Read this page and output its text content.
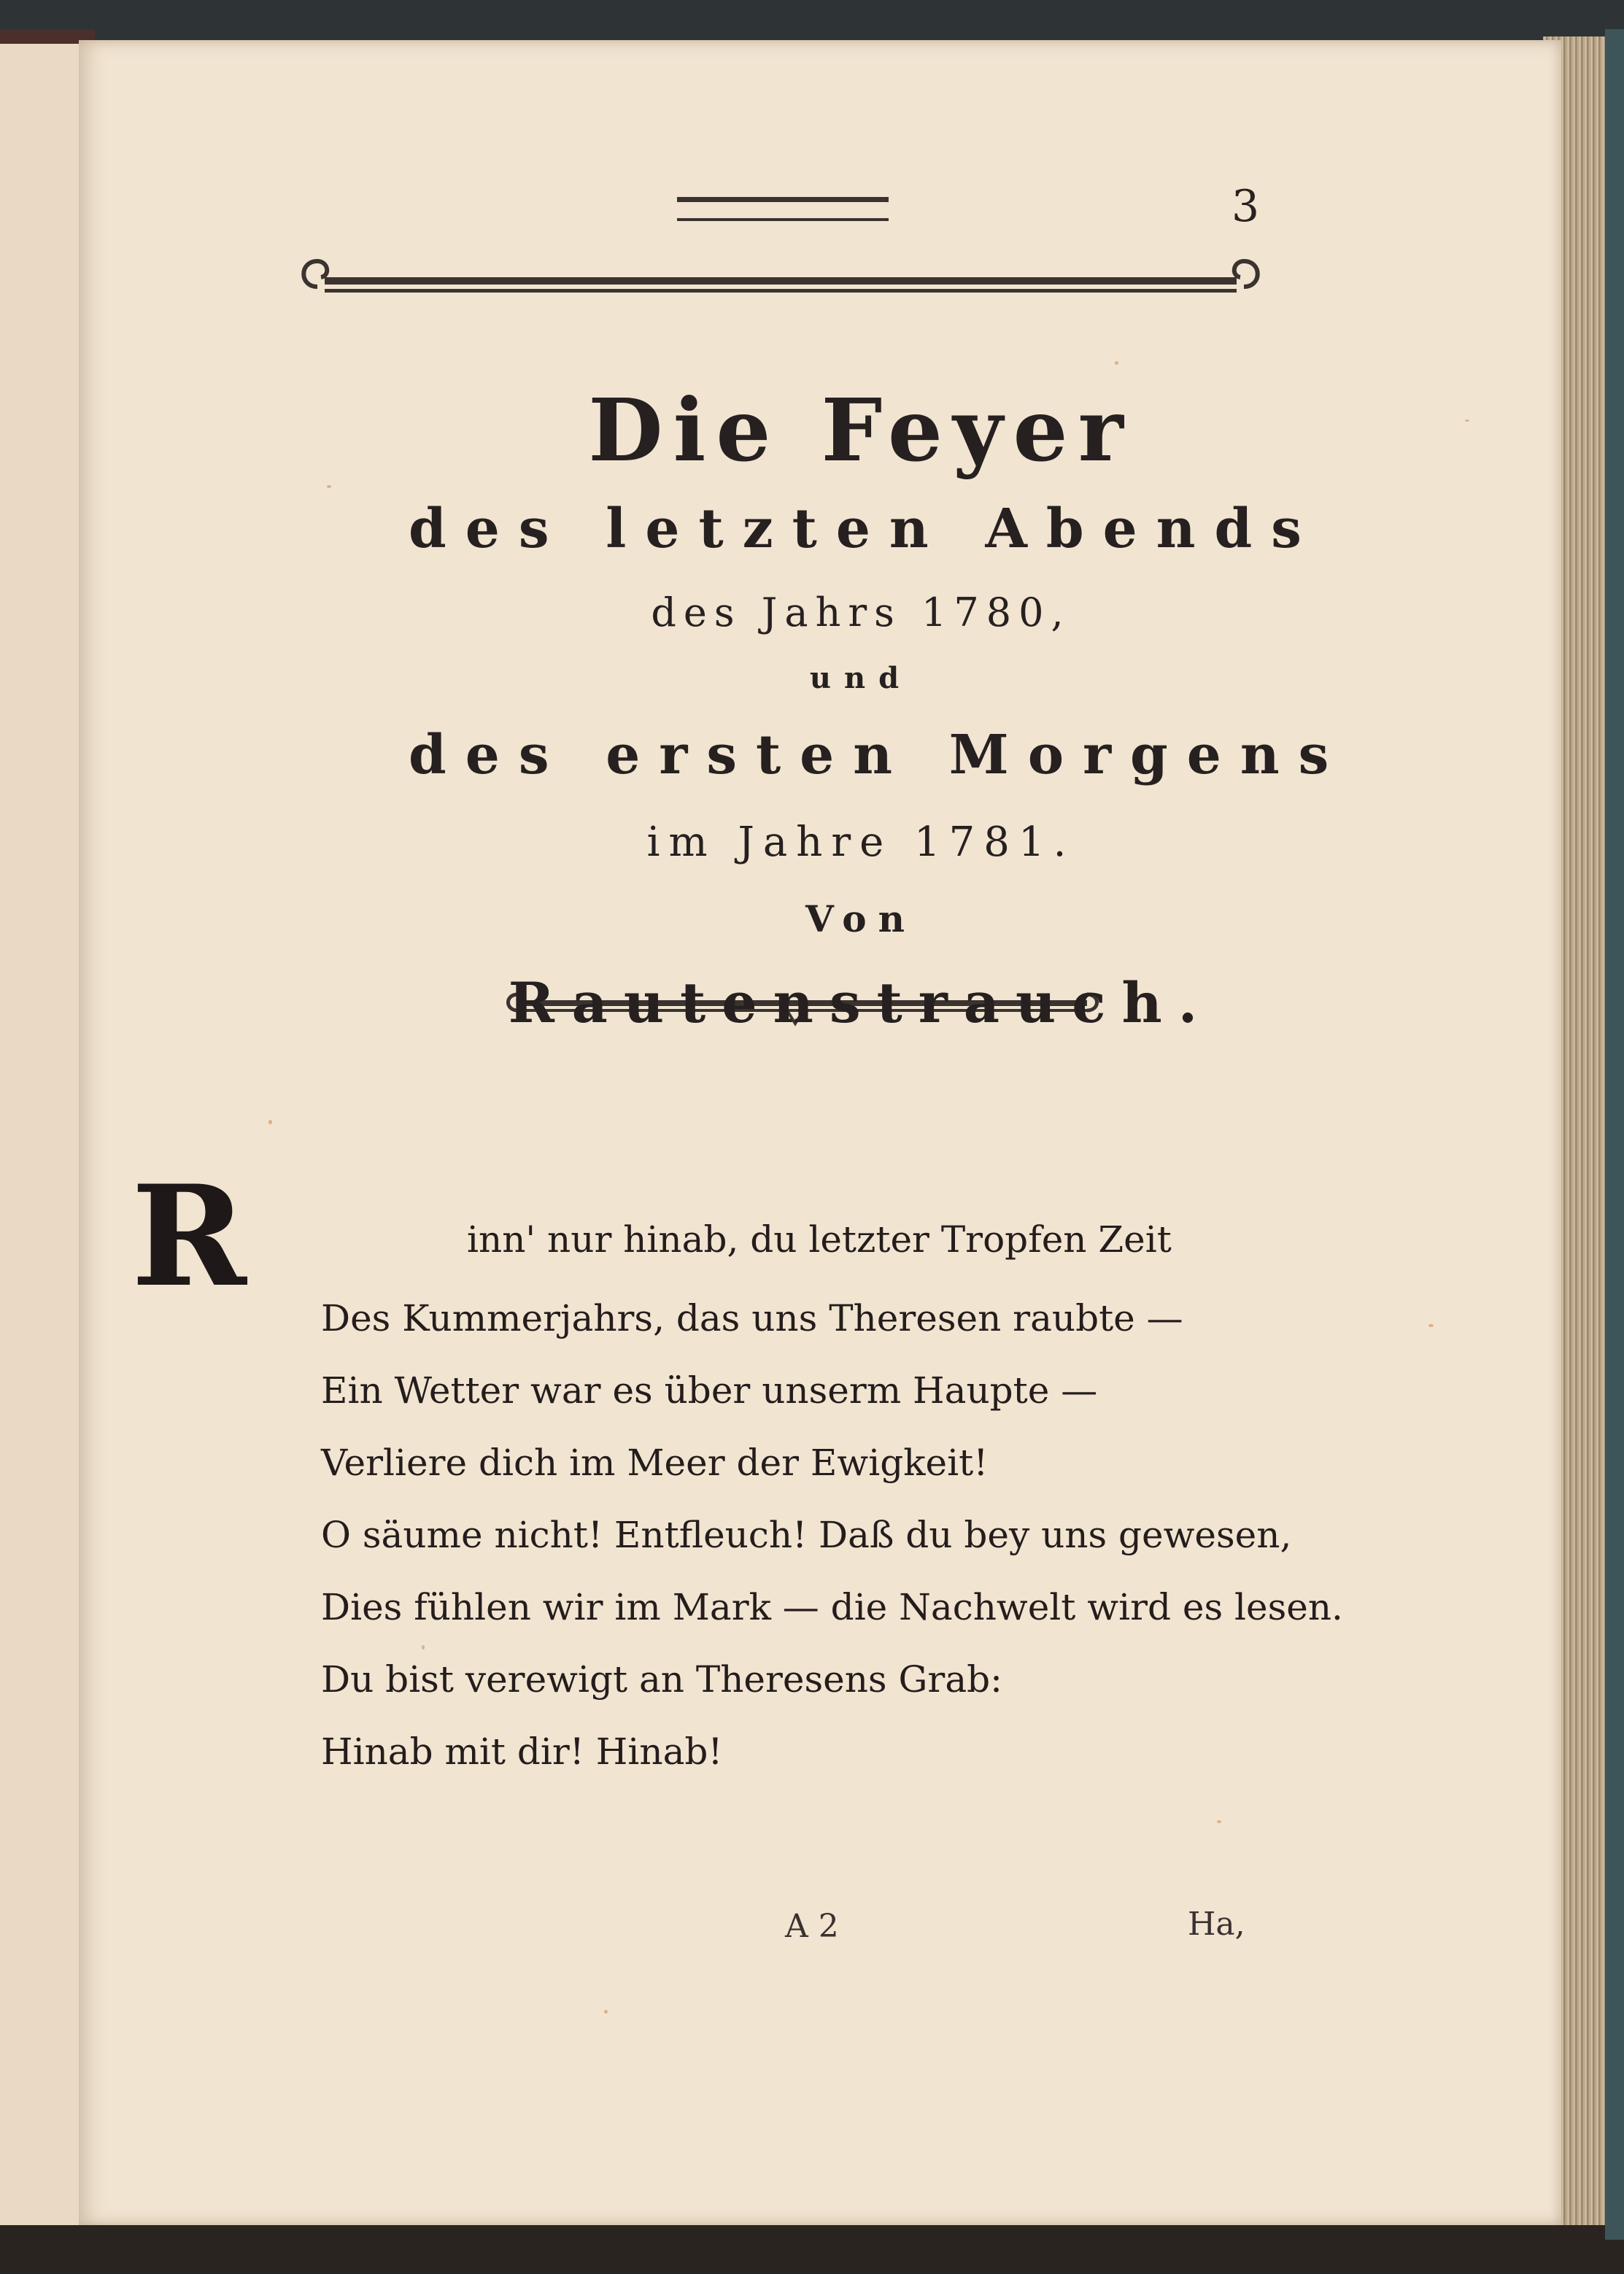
3
Die Feyer
des letzten Abends
des Jahrs 1780,
und
des ersten Morgens
im Jahre 1781.
Von
Rautenstrauch.
R	inn' nur hinab, du letzter Tropfen Zeit
Des Kummerjahrs, das uns Theresen raubte —
Ein Wetter war es über unserm Haupte —
Verliere dich im Meer der Ewigkeit!
O säume nicht! Entfleuch! Daß du bey uns gewesen,
Dies fühlen wir im Mark — die Nachwelt wird es lesen.
Du bist verewigt an Theresens Grab:
Hinab mit dir! Hinab!
A 2	Ha,
